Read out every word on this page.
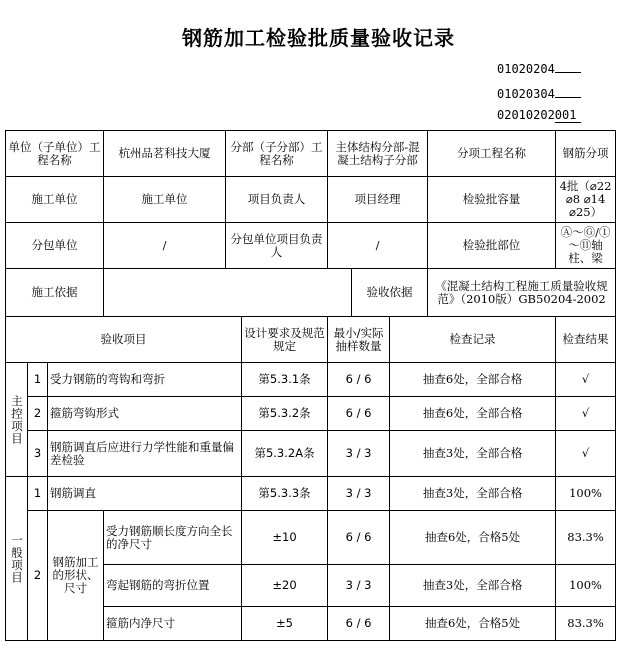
钢筋加工检验批质量验收记录
01020204
01020304
02010202001
单位（子单位）工程名称			杭州品茗科技大厦	分部（子分部）工程名称		主体结构分部-混凝土结构子分部			分项工程名称	钢筋分项
施工单位			施工单位	项目负责人		项目经理			检验批容量	4批（⌀22 ⌀8 ⌀14 ⌀25）
分包单位			/	分包单位项目负责人		/			检验批部位	Ⓐ～Ⓖ/①～⑪轴柱、梁
施工依据							验收依据		《混凝土结构工程施工质量验收规范》（2010版）GB50204-2002	
验收项目					设计要求及规范规定	最小/实际抽样数量		检查记录		检查结果

主控项目	1	受力钢筋的弯钩和弯折			第5.3.1条	6 / 6		抽查6处，全部合格		√
	2	箍筋弯钩形式			第5.3.2条	6 / 6		抽查6处，全部合格		√
	3	钢筋调直后应进行力学性能和重量偏差检验			第5.3.2A条	3 / 3		抽查3处，全部合格		√

一般项目	1	钢筋调直			第5.3.3条	3 / 3		抽查3处，全部合格		100%
	2	钢筋加工的形状、尺寸	受力钢筋顺长度方向全长的净尺寸		±10	6 / 6		抽查6处，合格5处		83.3%
			弯起钢筋的弯折位置		±20	3 / 3		抽查3处，全部合格		100%
			箍筋内净尺寸		±5	6 / 6		抽查6处，合格5处		83.3%
